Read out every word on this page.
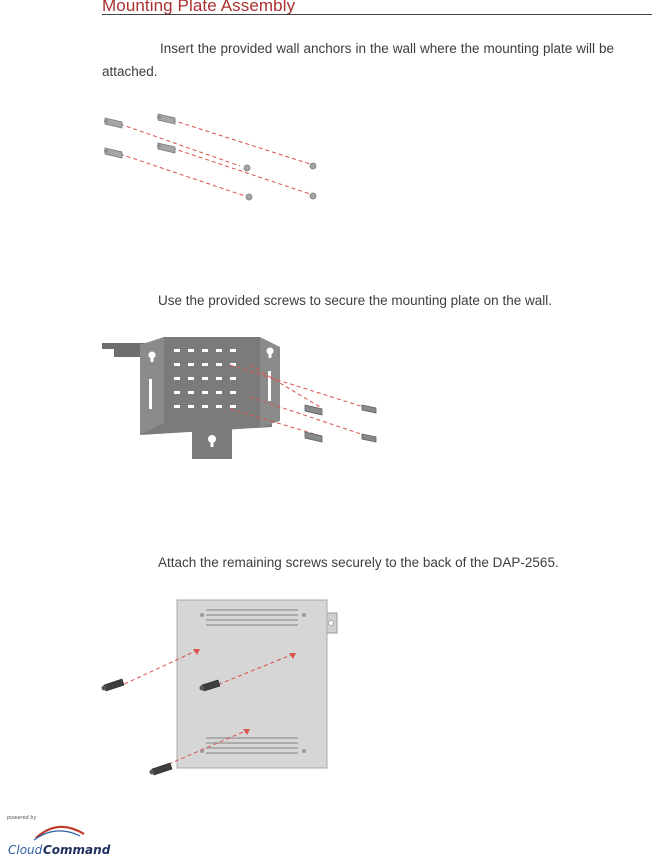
Mounting Plate Assembly
Insert the provided wall anchors in the wall where the mounting plate will be attached.
Use the provided screws to secure the mounting plate on the wall.
Attach the remaining screws securely to the back of the DAP-2565.
powered by
Cloud Command
